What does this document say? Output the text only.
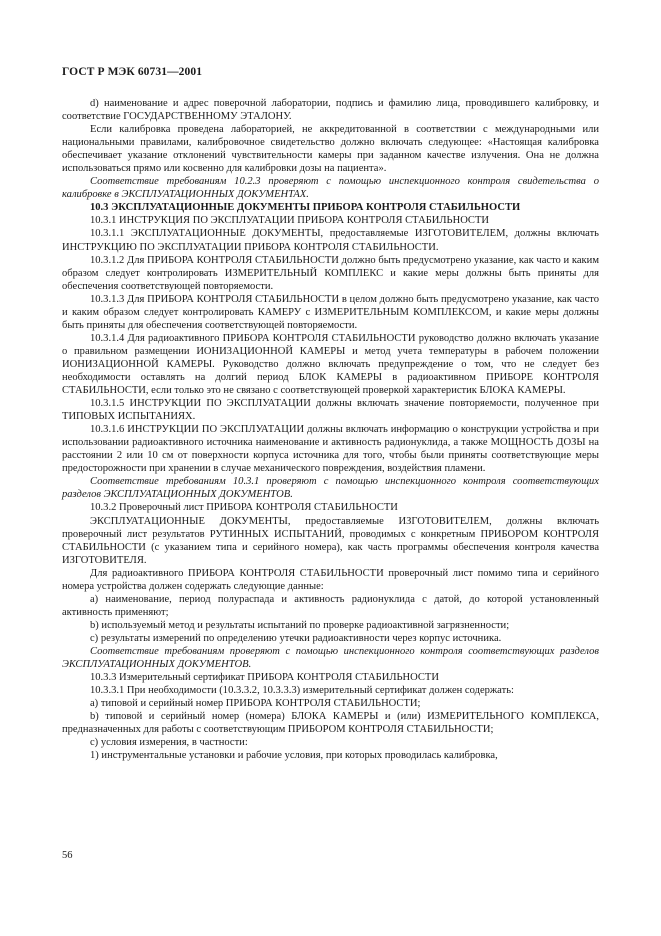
ГОСТ Р МЭК 60731—2001

d) наименование и адрес поверочной лаборатории, подпись и фамилию лица, проводившего калибровку, и соответствие ГОСУДАРСТВЕННОМУ ЭТАЛОНУ.

Если калибровка проведена лабораторией, не аккредитованной в соответствии с международными или национальными правилами, калибровочное свидетельство должно включать следующее: «Настоящая калибровка обеспечивает указание отклонений чувствительности камеры при заданном качестве излучения. Она не должна использоваться прямо или косвенно для калибровки дозы на пациента».

Соответствие требованиям 10.2.3 проверяют с помощью инспекционного контроля свидетельства о калибровке в ЭКСПЛУАТАЦИОННЫХ ДОКУМЕНТАХ.

10.3 ЭКСПЛУАТАЦИОННЫЕ ДОКУМЕНТЫ ПРИБОРА КОНТРОЛЯ СТАБИЛЬНОСТИ

10.3.1 ИНСТРУКЦИЯ ПО ЭКСПЛУАТАЦИИ ПРИБОРА КОНТРОЛЯ СТАБИЛЬНОСТИ

10.3.1.1 ЭКСПЛУАТАЦИОННЫЕ ДОКУМЕНТЫ, предоставляемые ИЗГОТОВИТЕЛЕМ, должны включать ИНСТРУКЦИЮ ПО ЭКСПЛУАТАЦИИ ПРИБОРА КОНТРОЛЯ СТАБИЛЬНОСТИ.

10.3.1.2 Для ПРИБОРА КОНТРОЛЯ СТАБИЛЬНОСТИ должно быть предусмотрено указание, как часто и каким образом следует контролировать ИЗМЕРИТЕЛЬНЫЙ КОМПЛЕКС и какие меры должны быть приняты для обеспечения соответствующей повторяемости.

10.3.1.3 Для ПРИБОРА КОНТРОЛЯ СТАБИЛЬНОСТИ в целом должно быть предусмотрено указание, как часто и каким образом следует контролировать КАМЕРУ с ИЗМЕРИТЕЛЬНЫМ КОМПЛЕКСОМ, и какие меры должны быть приняты для обеспечения соответствующей повторяемости.

10.3.1.4 Для радиоактивного ПРИБОРА КОНТРОЛЯ СТАБИЛЬНОСТИ руководство должно включать указание о правильном размещении ИОНИЗАЦИОННОЙ КАМЕРЫ и метод учета температуры в рабочем положении ИОНИЗАЦИОННОЙ КАМЕРЫ. Руководство должно включать предупреждение о том, что не следует без необходимости оставлять на долгий период БЛОК КАМЕРЫ в радиоактивном ПРИБОРЕ КОНТРОЛЯ СТАБИЛЬНОСТИ, если только это не связано с соответствующей проверкой характеристик БЛОКА КАМЕРЫ.

10.3.1.5 ИНСТРУКЦИИ ПО ЭКСПЛУАТАЦИИ должны включать значение повторяемости, полученное при ТИПОВЫХ ИСПЫТАНИЯХ.

10.3.1.6 ИНСТРУКЦИИ ПО ЭКСПЛУАТАЦИИ должны включать информацию о конструкции устройства и при использовании радиоактивного источника наименование и активность радионуклида, а также МОЩНОСТЬ ДОЗЫ на расстоянии 2 или 10 см от поверхности корпуса источника для того, чтобы были приняты соответствующие меры предосторожности при хранении в случае механического повреждения, воздействия пламени.

Соответствие требованиям 10.3.1 проверяют с помощью инспекционного контроля соответствующих разделов ЭКСПЛУАТАЦИОННЫХ ДОКУМЕНТОВ.

10.3.2 Проверочный лист ПРИБОРА КОНТРОЛЯ СТАБИЛЬНОСТИ

ЭКСПЛУАТАЦИОННЫЕ ДОКУМЕНТЫ, предоставляемые ИЗГОТОВИТЕЛЕМ, должны включать проверочный лист результатов РУТИННЫХ ИСПЫТАНИЙ, проводимых с конкретным ПРИБОРОМ КОНТРОЛЯ СТАБИЛЬНОСТИ (с указанием типа и серийного номера), как часть программы обеспечения контроля качества ИЗГОТОВИТЕЛЯ.

Для радиоактивного ПРИБОРА КОНТРОЛЯ СТАБИЛЬНОСТИ проверочный лист помимо типа и серийного номера устройства должен содержать следующие данные:

a) наименование, период полураспада и активность радионуклида с датой, до которой установленный активность применяют;

b) используемый метод и результаты испытаний по проверке радиоактивной загрязненности;

c) результаты измерений по определению утечки радиоактивности через корпус источника.

Соответствие требованиям проверяют с помощью инспекционного контроля соответствующих разделов ЭКСПЛУАТАЦИОННЫХ ДОКУМЕНТОВ.

10.3.3 Измерительный сертификат ПРИБОРА КОНТРОЛЯ СТАБИЛЬНОСТИ

10.3.3.1 При необходимости (10.3.3.2, 10.3.3.3) измерительный сертификат должен содержать:

a) типовой и серийный номер ПРИБОРА КОНТРОЛЯ СТАБИЛЬНОСТИ;

b) типовой и серийный номер (номера) БЛОКА КАМЕРЫ и (или) ИЗМЕРИТЕЛЬНОГО КОМПЛЕКСА, предназначенных для работы с соответствующим ПРИБОРОМ КОНТРОЛЯ СТАБИЛЬНОСТИ;

c) условия измерения, в частности:

1) инструментальные установки и рабочие условия, при которых проводилась калибровка,

56
